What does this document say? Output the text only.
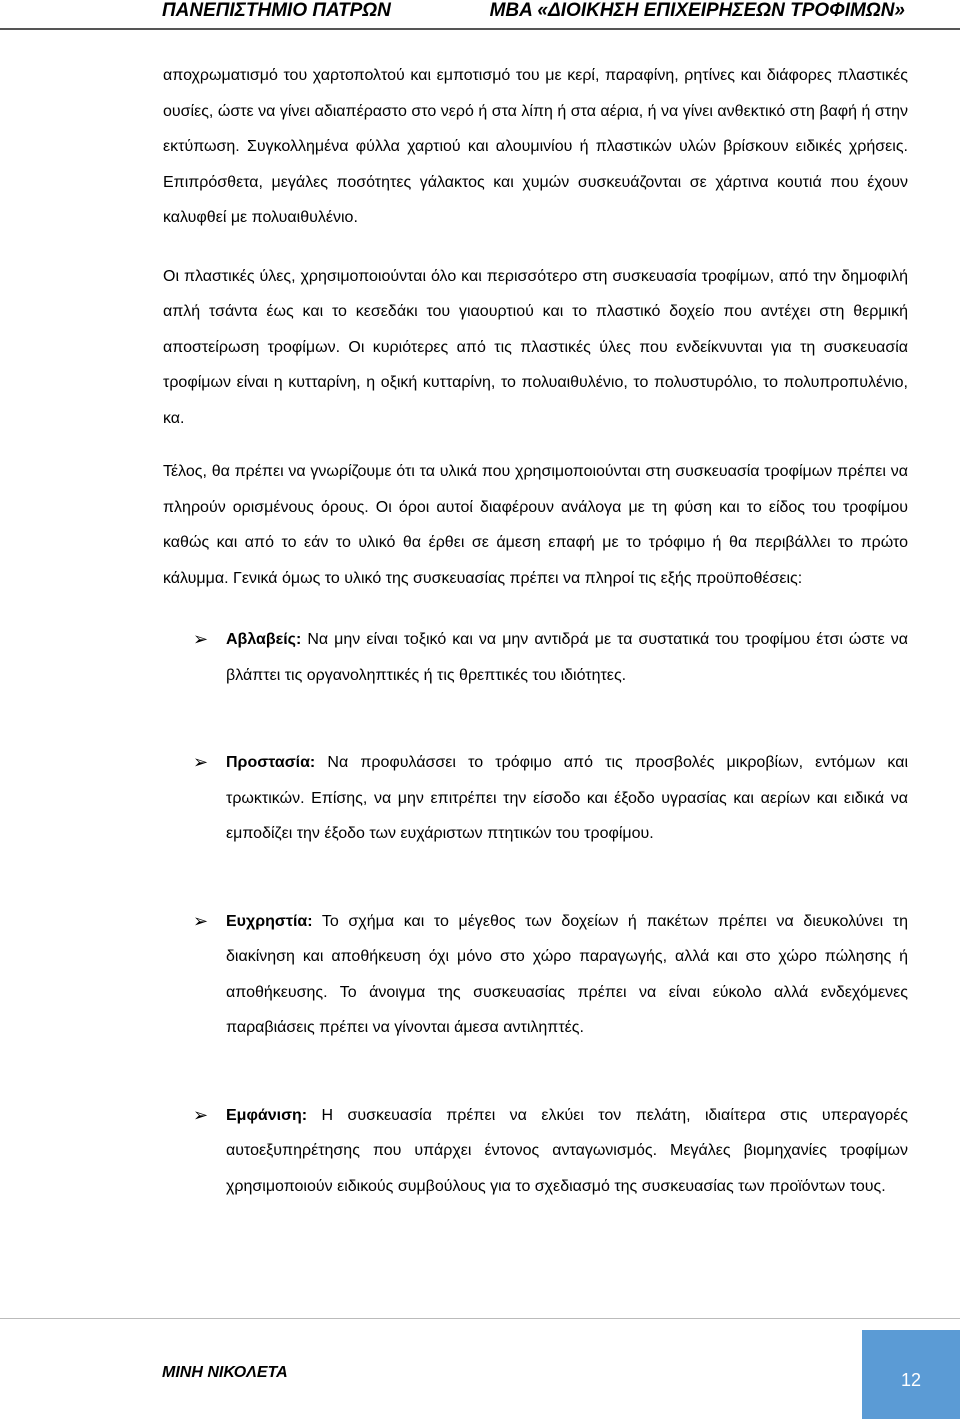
ΠΑΝΕΠΙΣΤΗΜΙΟ ΠΑΤΡΩΝ	ΜΒΑ «ΔΙΟΙΚΗΣΗ ΕΠΙΧΕΙΡΗΣΕΩΝ ΤΡΟΦΙΜΩΝ»

αποχρωματισμό του χαρτοπολτού και εμποτισμό του με κερί, παραφίνη, ρητίνες και διάφορες πλαστικές ουσίες, ώστε να γίνει αδιαπέραστο στο νερό ή στα λίπη ή στα αέρια, ή να γίνει ανθεκτικό στη βαφή ή στην εκτύπωση. Συγκολλημένα φύλλα χαρτιού και αλουμινίου ή πλαστικών υλών βρίσκουν ειδικές χρήσεις. Επιπρόσθετα, μεγάλες ποσότητες γάλακτος και χυμών συσκευάζονται σε χάρτινα κουτιά που έχουν καλυφθεί με πολυαιθυλένιο.

Οι πλαστικές ύλες, χρησιμοποιούνται όλο και περισσότερο στη συσκευασία τροφίμων, από την δημοφιλή απλή τσάντα έως και το κεσεδάκι του γιαουρτιού και το πλαστικό δοχείο που αντέχει στη θερμική αποστείρωση τροφίμων. Οι κυριότερες από τις πλαστικές ύλες που ενδείκνυνται για τη συσκευασία τροφίμων είναι η κυτταρίνη, η οξική κυτταρίνη, το πολυαιθυλένιο, το πολυστυρόλιο, το πολυπροπυλένιο, κα.

Τέλος, θα πρέπει να γνωρίζουμε ότι τα υλικά που χρησιμοποιούνται στη συσκευασία τροφίμων πρέπει να πληρούν ορισμένους όρους. Οι όροι αυτοί διαφέρουν ανάλογα με τη φύση και το είδος του τροφίμου καθώς και από το εάν το υλικό θα έρθει σε άμεση επαφή με το τρόφιμο ή θα περιβάλλει το πρώτο κάλυμμα. Γενικά όμως το υλικό της συσκευασίας πρέπει να πληροί τις εξής προϋποθέσεις:

➢ Αβλαβείς: Να μην είναι τοξικό και να μην αντιδρά με τα συστατικά του τροφίμου έτσι ώστε να βλάπτει τις οργανοληπτικές ή τις θρεπτικές του ιδιότητες.
➢ Προστασία: Να προφυλάσσει το τρόφιμο από τις προσβολές μικροβίων, εντόμων και τρωκτικών. Επίσης, να μην επιτρέπει την είσοδο και έξοδο υγρασίας και αερίων και ειδικά να εμποδίζει την έξοδο των ευχάριστων πτητικών του τροφίμου.
➢ Ευχρηστία: Το σχήμα και το μέγεθος των δοχείων ή πακέτων πρέπει να διευκολύνει τη διακίνηση και αποθήκευση όχι μόνο στο χώρο παραγωγής, αλλά και στο χώρο πώλησης ή αποθήκευσης. Το άνοιγμα της συσκευασίας πρέπει να είναι εύκολο αλλά ενδεχόμενες παραβιάσεις πρέπει να γίνονται άμεσα αντιληπτές.
➢ Εμφάνιση: Η συσκευασία πρέπει να ελκύει τον πελάτη, ιδιαίτερα στις υπεραγορές αυτοεξυπηρέτησης που υπάρχει έντονος ανταγωνισμός. Μεγάλες βιομηχανίες τροφίμων χρησιμοποιούν ειδικούς συμβούλους για το σχεδιασμό της συσκευασίας των προϊόντων τους.
ΜΙΝΗ ΝΙΚΟΛΕΤΑ	12
